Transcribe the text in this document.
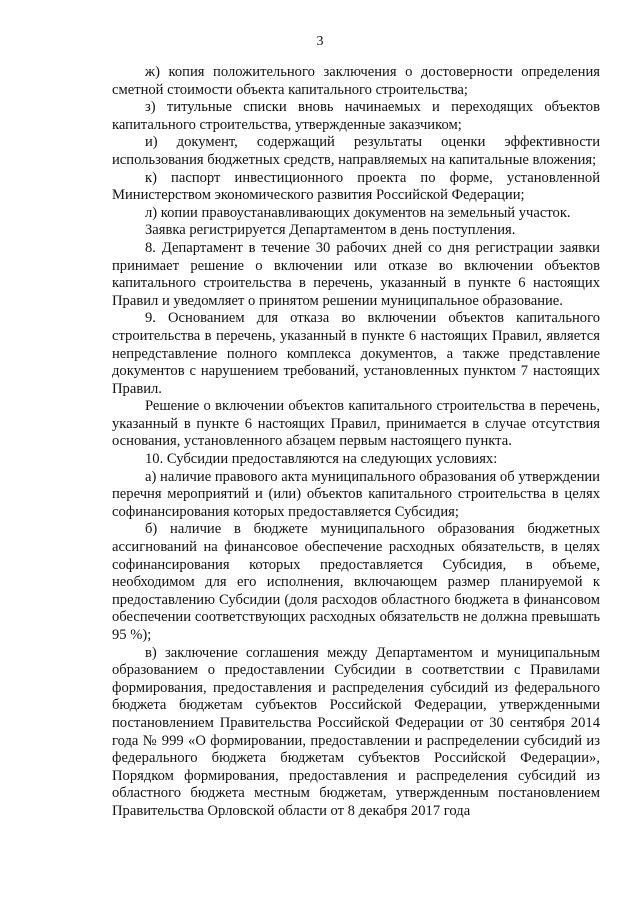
3

ж) копия положительного заключения о достоверности определения сметной стоимости объекта капитального строительства;

з) титульные списки вновь начинаемых и переходящих объектов капитального строительства, утвержденные заказчиком;

и) документ, содержащий результаты оценки эффективности использования бюджетных средств, направляемых на капитальные вложения;

к) паспорт инвестиционного проекта по форме, установленной Министерством экономического развития Российской Федерации;

л) копии правоустанавливающих документов на земельный участок.

Заявка регистрируется Департаментом в день поступления.

8. Департамент в течение 30 рабочих дней со дня регистрации заявки принимает решение о включении или отказе во включении объектов капитального строительства в перечень, указанный в пункте 6 настоящих Правил и уведомляет о принятом решении муниципальное образование.

9. Основанием для отказа во включении объектов капитального строительства в перечень, указанный в пункте 6 настоящих Правил, является непредставление полного комплекса документов, а также представление документов с нарушением требований, установленных пунктом 7 настоящих Правил.

Решение о включении объектов капитального строительства в перечень, указанный в пункте 6 настоящих Правил, принимается в случае отсутствия основания, установленного абзацем первым настоящего пункта.

10. Субсидии предоставляются на следующих условиях:

а) наличие правового акта муниципального образования об утверждении перечня мероприятий и (или) объектов капитального строительства в целях софинансирования которых предоставляется Субсидия;

б) наличие в бюджете муниципального образования бюджетных ассигнований на финансовое обеспечение расходных обязательств, в целях софинансирования которых предоставляется Субсидия, в объеме, необходимом для его исполнения, включающем размер планируемой к предоставлению Субсидии (доля расходов областного бюджета в финансовом обеспечении соответствующих расходных обязательств не должна превышать 95 %);

в) заключение соглашения между Департаментом и муниципальным образованием о предоставлении Субсидии в соответствии с Правилами формирования, предоставления и распределения субсидий из федерального бюджета бюджетам субъектов Российской Федерации, утвержденными постановлением Правительства Российской Федерации от 30 сентября 2014 года № 999 «О формировании, предоставлении и распределении субсидий из федерального бюджета бюджетам субъектов Российской Федерации», Порядком формирования, предоставления и распределения субсидий из областного бюджета местным бюджетам, утвержденным постановлением Правительства Орловской области от 8 декабря 2017 года
